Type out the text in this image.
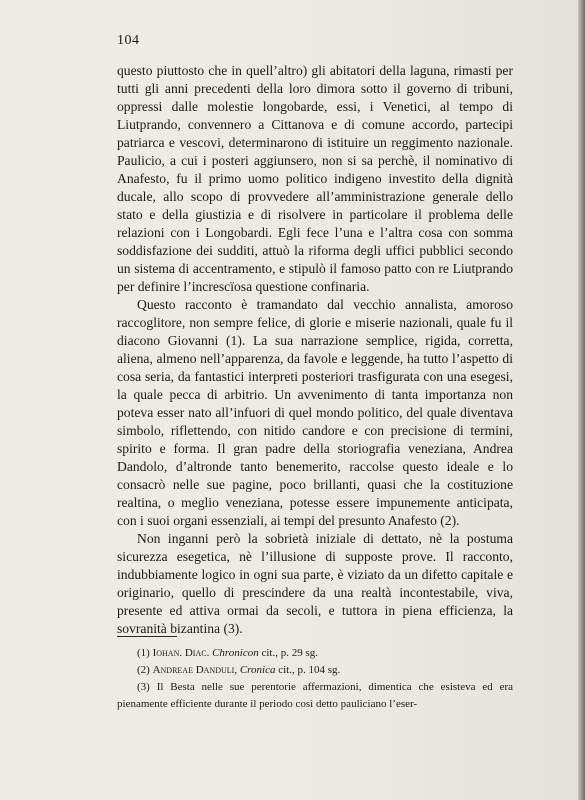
104

questo piuttosto che in quell’altro) gli abitatori della laguna, rimasti per tutti gli anni precedenti della loro dimora sotto il governo di tribuni, oppressi dalle molestie longobarde, essi, i Venetici, al tempo di Liutprando, convennero a Cittanova e di comune accordo, partecipi patriarca e vescovi, determinarono di istituire un reggimento nazionale. Paulicio, a cui i posteri aggiunsero, non si sa perchè, il nominativo di Anafesto, fu il primo uomo politico indigeno investito della dignità ducale, allo scopo di provvedere all’amministrazione generale dello stato e della giustizia e di risolvere in particolare il problema delle relazioni con i Longobardi. Egli fece l’una e l’altra cosa con somma soddisfazione dei sudditi, attuò la riforma degli uffici pubblici secondo un sistema di accentramento, e stipulò il famoso patto con re Liutprando per definire l’increscïosa questione confinaria.

Questo racconto è tramandato dal vecchio annalista, amoroso raccoglitore, non sempre felice, di glorie e miserie nazionali, quale fu il diacono Giovanni (1). La sua narrazione semplice, rigida, corretta, aliena, almeno nell’apparenza, da favole e leggende, ha tutto l’aspetto di cosa seria, da fantastici interpreti posteriori trasfigurata con una esegesi, la quale pecca di arbitrio. Un avvenimento di tanta importanza non poteva esser nato all’infuori di quel mondo politico, del quale diventava simbolo, riflettendo, con nitido candore e con precisione di termini, spirito e forma. Il gran padre della storiografia veneziana, Andrea Dandolo, d’altronde tanto benemerito, raccolse questo ideale e lo consacrò nelle sue pagine, poco brillanti, quasi che la costituzione realtina, o meglio veneziana, potesse essere impunemente anticipata, con i suoi organi essenziali, ai tempi del presunto Anafesto (2).

Non inganni però la sobrietà iniziale di dettato, nè la postuma sicurezza esegetica, nè l’illusione di supposte prove. Il racconto, indubbiamente logico in ogni sua parte, è viziato da un difetto capitale e originario, quello di prescindere da una realtà incontestabile, viva, presente ed attiva ormai da secoli, e tuttora in piena efficienza, la sovranità bizantina (3).

(1) Iohan. Diac. Chronicon cit., p. 29 sg.

(2) Andreae Danduli, Cronica cit., p. 104 sg.

(3) Il Besta nelle sue perentorie affermazioni, dimentica che esisteva ed era pienamente efficiente durante il periodo così detto pauliciano l’eser-
